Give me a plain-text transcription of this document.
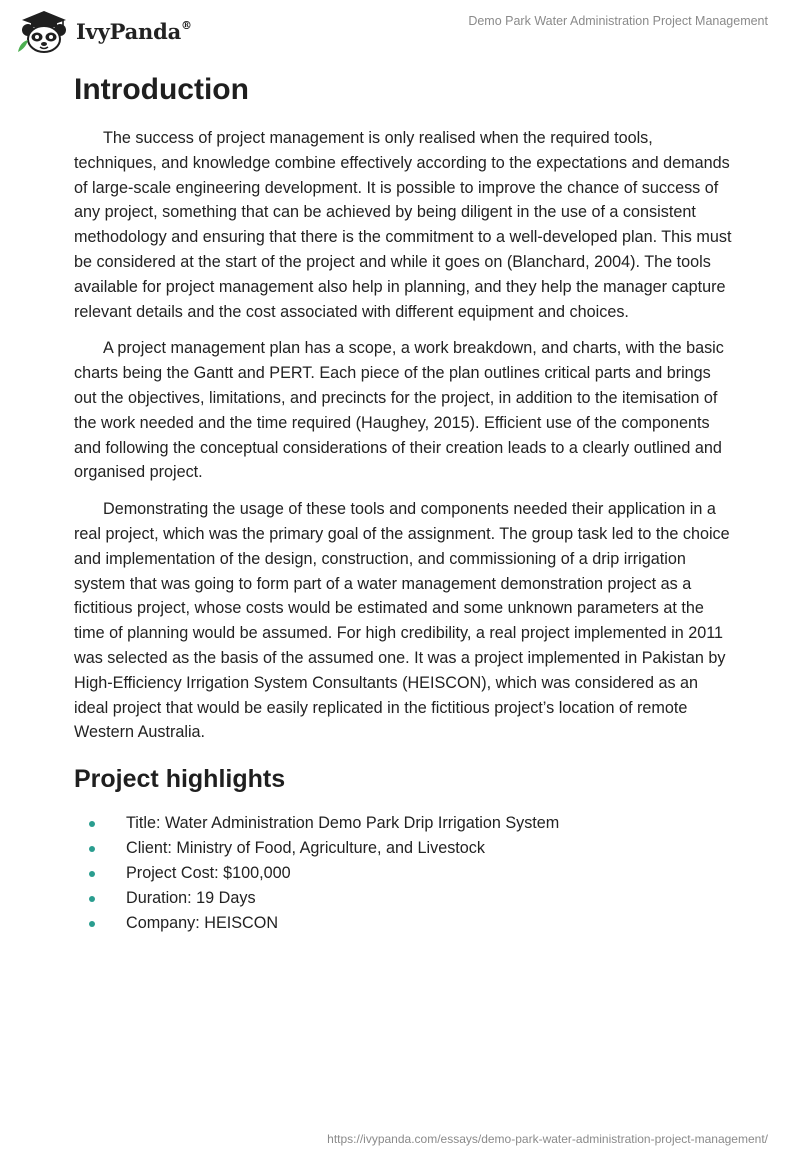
IvyPanda®	Demo Park Water Administration Project Management
Introduction

The success of project management is only realised when the required tools, techniques, and knowledge combine effectively according to the expectations and demands of large-scale engineering development. It is possible to improve the chance of success of any project, something that can be achieved by being diligent in the use of a consistent methodology and ensuring that there is the commitment to a well-developed plan. This must be considered at the start of the project and while it goes on (Blanchard, 2004). The tools available for project management also help in planning, and they help the manager capture relevant details and the cost associated with different equipment and choices.

A project management plan has a scope, a work breakdown, and charts, with the basic charts being the Gantt and PERT. Each piece of the plan outlines critical parts and brings out the objectives, limitations, and precincts for the project, in addition to the itemisation of the work needed and the time required (Haughey, 2015). Efficient use of the components and following the conceptual considerations of their creation leads to a clearly outlined and organised project.

Demonstrating the usage of these tools and components needed their application in a real project, which was the primary goal of the assignment. The group task led to the choice and implementation of the design, construction, and commissioning of a drip irrigation system that was going to form part of a water management demonstration project as a fictitious project, whose costs would be estimated and some unknown parameters at the time of planning would be assumed. For high credibility, a real project implemented in 2011 was selected as the basis of the assumed one. It was a project implemented in Pakistan by High-Efficiency Irrigation System Consultants (HEISCON), which was considered as an ideal project that would be easily replicated in the fictitious project’s location of remote Western Australia.

Project highlights
Title: Water Administration Demo Park Drip Irrigation System
Client: Ministry of Food, Agriculture, and Livestock
Project Cost: $100,000
Duration: 19 Days
Company: HEISCON
https://ivypanda.com/essays/demo-park-water-administration-project-management/
